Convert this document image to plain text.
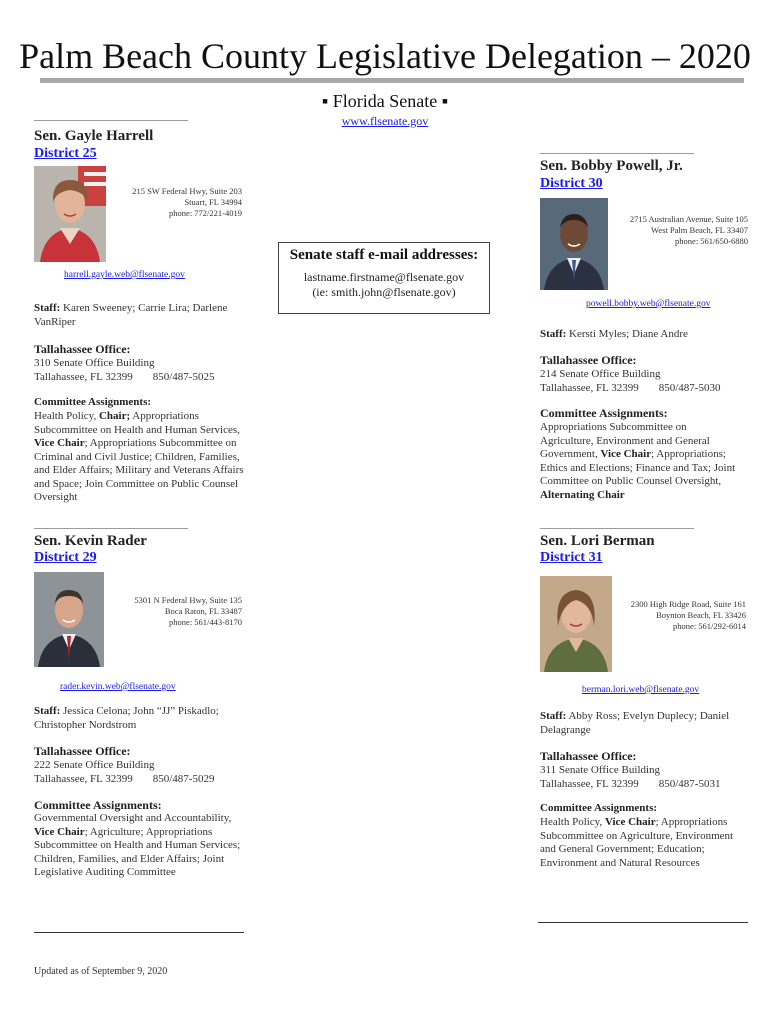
Palm Beach County Legislative Delegation – 2020
▪ Florida Senate ▪
www.flsenate.gov
____________________________
Sen. Gayle Harrell
District 25
215 SW Federal Hwy, Suite 203
Stuart, FL 34994
phone: 772/221-4019
harrell.gayle.web@flsenate.gov
Staff: Karen Sweeney; Carrie Lira; Darlene VanRiper
Tallahassee Office:
310 Senate Office Building
Tallahassee, FL 32399 850/487-5025
Committee Assignments:
Health Policy, Chair; Appropriations Subcommittee on Health and Human Services, Vice Chair; Appropriations Subcommittee on Criminal and Civil Justice; Children, Families, and Elder Affairs; Military and Veterans Affairs and Space; Join Committee on Public Counsel Oversight
____________________________
Sen. Bobby Powell, Jr.
District 30
2715 Australian Avenue, Suite 105
West Palm Beach, FL 33407
phone: 561/650-6880
powell.bobby.web@flsenate.gov
Staff: Kersti Myles; Diane Andre
Tallahassee Office:
214 Senate Office Building
Tallahassee, FL 32399 850/487-5030
Committee Assignments:
Appropriations Subcommittee on Agriculture, Environment and General Government, Vice Chair; Appropriations; Ethics and Elections; Finance and Tax; Joint Committee on Public Counsel Oversight, Alternating Chair
Senate staff e-mail addresses:
lastname.firstname@flsenate.gov
(ie: smith.john@flsenate.gov)
____________________________
Sen. Kevin Rader
District 29
5301 N Federal Hwy, Suite 135
Boca Raton, FL 33487
phone: 561/443-8170
rader.kevin.web@flsenate.gov
Staff: Jessica Celona; John “JJ” Piskadlo; Christopher Nordstrom
Tallahassee Office:
222 Senate Office Building
Tallahassee, FL 32399 850/487-5029
Committee Assignments:
Governmental Oversight and Accountability, Vice Chair; Agriculture; Appropriations Subcommittee on Health and Human Services; Children, Families, and Elder Affairs; Joint Legislative Auditing Committee
____________________________
Sen. Lori Berman
District 31
2300 High Ridge Road, Suite 161
Boynton Beach, FL 33426
phone: 561/292-6014
berman.lori.web@flsenate.gov
Staff: Abby Ross; Evelyn Duplecy; Daniel Delagrange
Tallahassee Office:
311 Senate Office Building
Tallahassee, FL 32399 850/487-5031
Committee Assignments:
Health Policy, Vice Chair; Appropriations Subcommittee on Agriculture, Environment and General Government; Education; Environment and Natural Resources
Updated as of September 9, 2020
